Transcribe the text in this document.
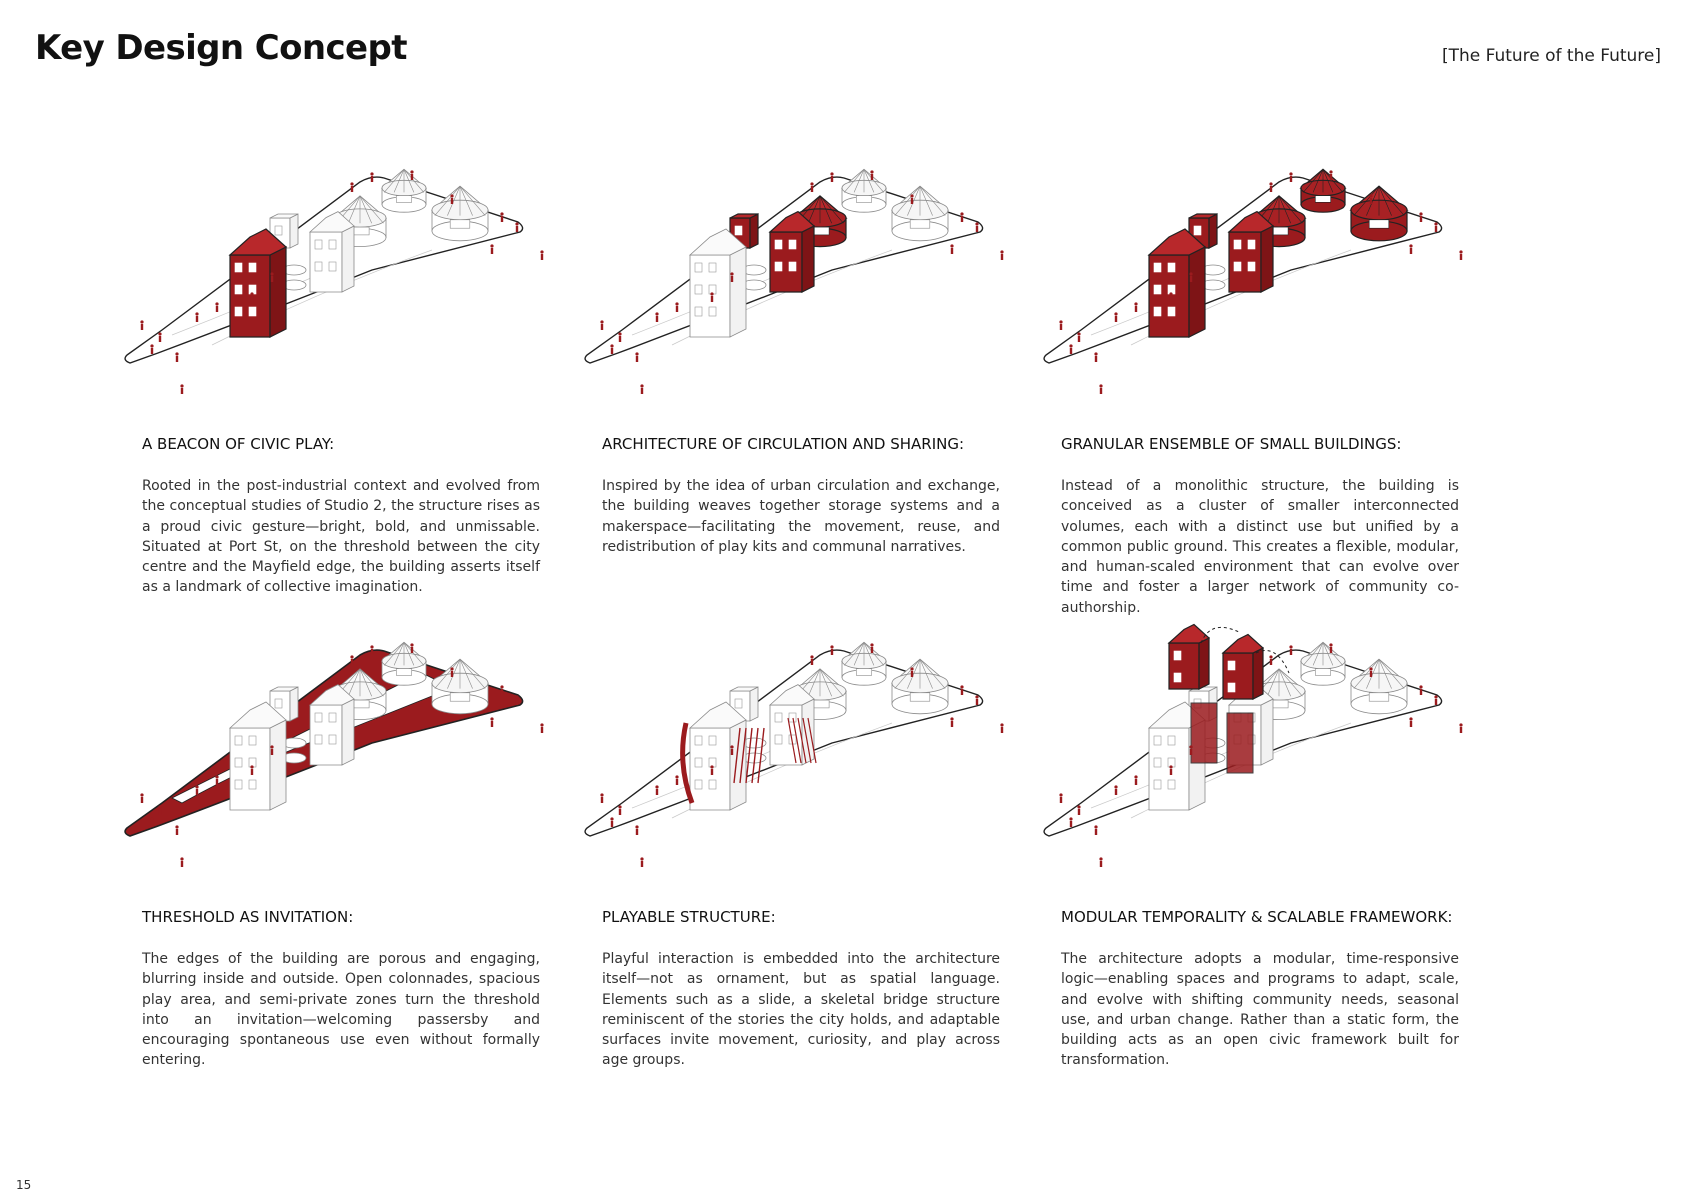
Key Design Concept	[The Future of the Future]
A BEACON OF CIVIC PLAY:
Rooted in the post-industrial context and evolved from the conceptual studies of Studio 2, the structure rises as a proud civic gesture—bright, bold, and unmissable. Situated at Port St, on the threshold between the city centre and the Mayfield edge, the building asserts itself as a landmark of collective imagination.
ARCHITECTURE OF CIRCULATION AND SHARING:
Inspired by the idea of urban circulation and exchange, the building weaves together storage systems and a makerspace—facilitating the movement, reuse, and redistribution of play kits and communal narratives.
GRANULAR ENSEMBLE OF SMALL BUILDINGS:
Instead of a monolithic structure, the building is conceived as a cluster of smaller interconnected volumes, each with a distinct use but unified by a common public ground. This creates a flexible, modular, and human-scaled environment that can evolve over time and foster a larger network of community co-authorship.
THRESHOLD AS INVITATION:
The edges of the building are porous and engaging, blurring inside and outside. Open colonnades, spacious play area, and semi-private zones turn the threshold into an invitation—welcoming passersby and encouraging spontaneous use even without formally entering.
PLAYABLE STRUCTURE:
Playful interaction is embedded into the architecture itself—not as ornament, but as spatial language. Elements such as a slide, a skeletal bridge structure reminiscent of the stories the city holds, and adaptable surfaces invite movement, curiosity, and play across age groups.
MODULAR TEMPORALITY & SCALABLE FRAMEWORK:
The architecture adopts a modular, time-responsive logic—enabling spaces and programs to adapt, scale, and evolve with shifting community needs, seasonal use, and urban change. Rather than a static form, the building acts as an open civic framework built for transformation.
15
